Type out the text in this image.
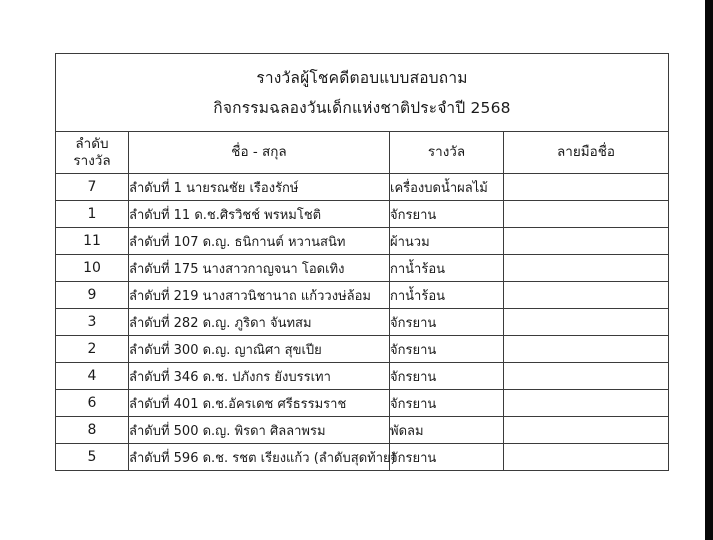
รางวัลผู้โชคดีตอบแบบสอบถาม
กิจกรรมฉลองวันเด็กแห่งชาติประจำปี 2568			

ลำดับ
รางวัล	ชื่อ - สกุล	รางวัล	ลายมือชื่อ
7	ลำดับที่ 1 นายรณชัย เรืองรักษ์	เครื่องบดน้ำผลไม้	
1	ลำดับที่ 11 ด.ช.ศิรวิชช์ พรหมโชติ	จักรยาน	
11	ลำดับที่ 107 ด.ญ. ธนิกานต์ หวานสนิท	ผ้านวม	
10	ลำดับที่ 175 นางสาวกาญจนา โอดเทิง	กาน้ำร้อน	
9	ลำดับที่ 219 นางสาวนิชานาถ แก้ววงษ่ล้อม	กาน้ำร้อน	
3	ลำดับที่ 282 ด.ญ. ภูริดา จันทสม	จักรยาน	
2	ลำดับที่ 300 ด.ญ. ญาณิศา สุขเปีย	จักรยาน	
4	ลำดับที่ 346 ด.ช. ปภังกร ยังบรรเทา	จักรยาน	
6	ลำดับที่ 401 ด.ช.อัครเดช ศรีธรรมราช	จักรยาน	
8	ลำดับที่ 500 ด.ญ. พิรดา ศิลลาพรม	พัดลม	
5	ลำดับที่ 596 ด.ช. รชต เรียงแก้ว (ลำดับสุดท้าย)	จักรยาน	
